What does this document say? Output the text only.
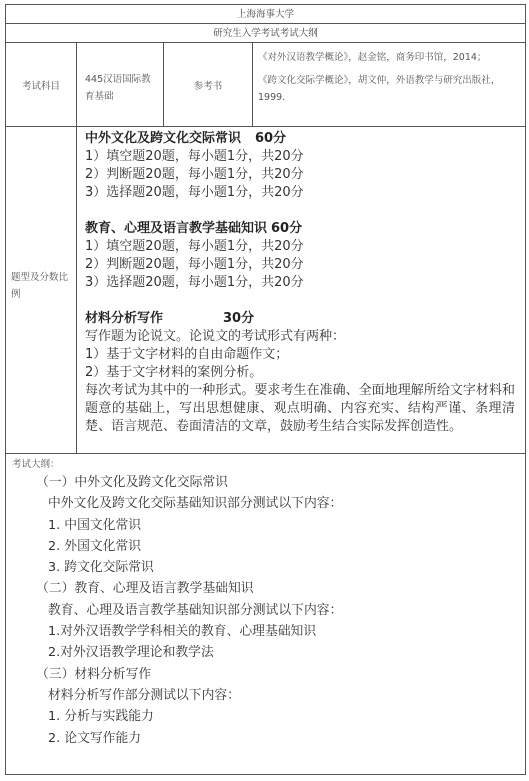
上海海事大学
研究生入学考试考试大纲
考试科目
445汉语国际教育基础
参考书

《对外汉语教学概论》，赵金铭，商务印书馆，2014；

《跨文化交际学概论》，胡文仲，外语教学与研究出版社，1999.

题型及分数比例
中外文化及跨文化交际常识 60分
1）填空题20题，每小题1分，共20分
2）判断题20题，每小题1分，共20分
3）选择题20题，每小题1分，共20分
教育、心理及语言教学基础知识 60分
1）填空题20题，每小题1分，共20分
2）判断题20题，每小题1分，共20分
3）选择题20题，每小题1分，共20分
材料分析写作	30分
写作题为论说文。论说文的考试形式有两种：
1）基于文字材料的自由命题作文；
2）基于文字材料的案例分析。
每次考试为其中的一种形式。要求考生在准确、全面地理解所给文字材料和题意的基础上，写出思想健康、观点明确、内容充实、结构严谨、条理清楚、语言规范、卷面清洁的文章，鼓励考生结合实际发挥创造性。
考试大纲：
（一）中外文化及跨文化交际常识
中外文化及跨文化交际基础知识部分测试以下内容：
1. 中国文化常识
2. 外国文化常识
3. 跨文化交际常识
（二）教育、心理及语言教学基础知识
教育、心理及语言教学基础知识部分测试以下内容：
1.对外汉语教学学科相关的教育、心理基础知识
2.对外汉语教学理论和教学法
（三）材料分析写作
材料分析写作部分测试以下内容：
1. 分析与实践能力
2. 论文写作能力
